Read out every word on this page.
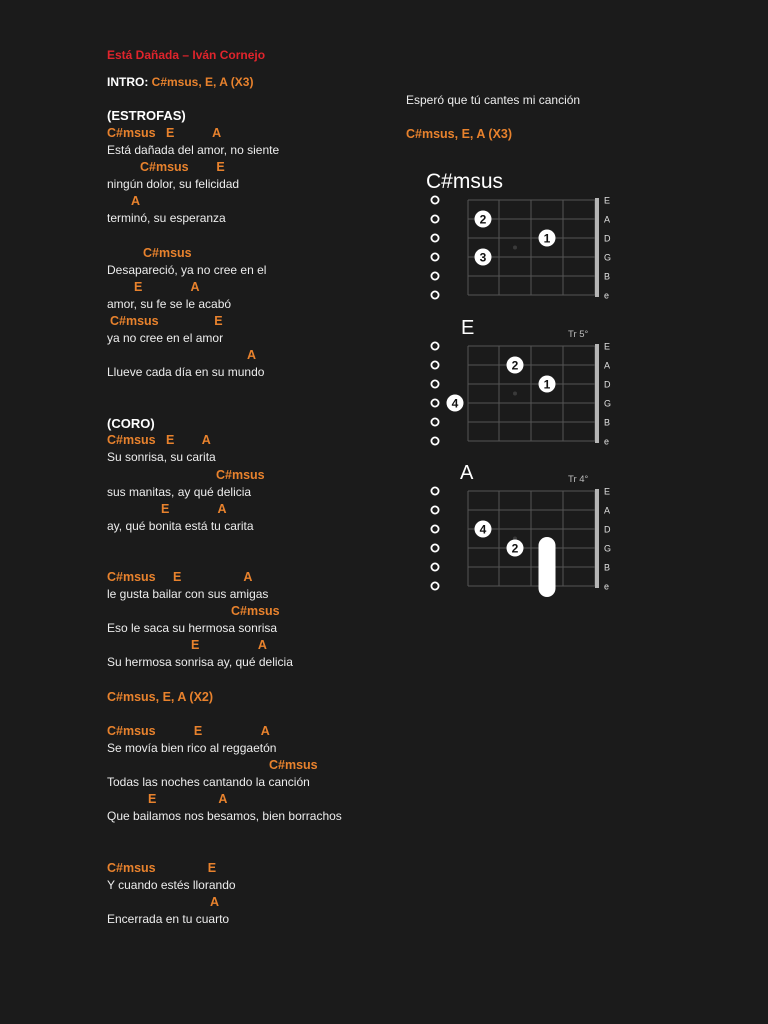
Está Dañada – Iván Cornejo
INTRO: C#msus, E, A (X3)
(ESTROFAS)
C#msus   E           A
Está dañada del amor, no siente
C#msus        E
ningún dolor, su felicidad
A
terminó, su esperanza
C#msus
Desapareció, ya no cree en el
E              A
amor, su fe se le acabó
C#msus                E
ya no cree en el amor
A
Llueve cada día en su mundo
(CORO)
C#msus   E        A
Su sonrisa, su carita
C#msus
sus manitas, ay qué delicia
E              A
ay, qué bonita está tu carita
C#msus     E                  A
le gusta bailar con sus amigas
C#msus
Eso le saca su hermosa sonrisa
E                 A
Su hermosa sonrisa ay, qué delicia
C#msus, E, A (X2)
C#msus           E                 A
Se movía bien rico al reggaetón
C#msus
Todas las noches cantando la canción
E                  A
Que bailamos nos besamos, bien borrachos
C#msus               E
Y cuando estés llorando
A
Encerrada en tu cuarto
Esperó que tú cantes mi canción
C#msus, E, A (X3)
C#msus
E
A
D
G
B
e
2
1
3
E	Tr 5°
E
A
D
G
B
e
2
1
4
A	Tr 4°
E
A
D
G
B
e
4
2
